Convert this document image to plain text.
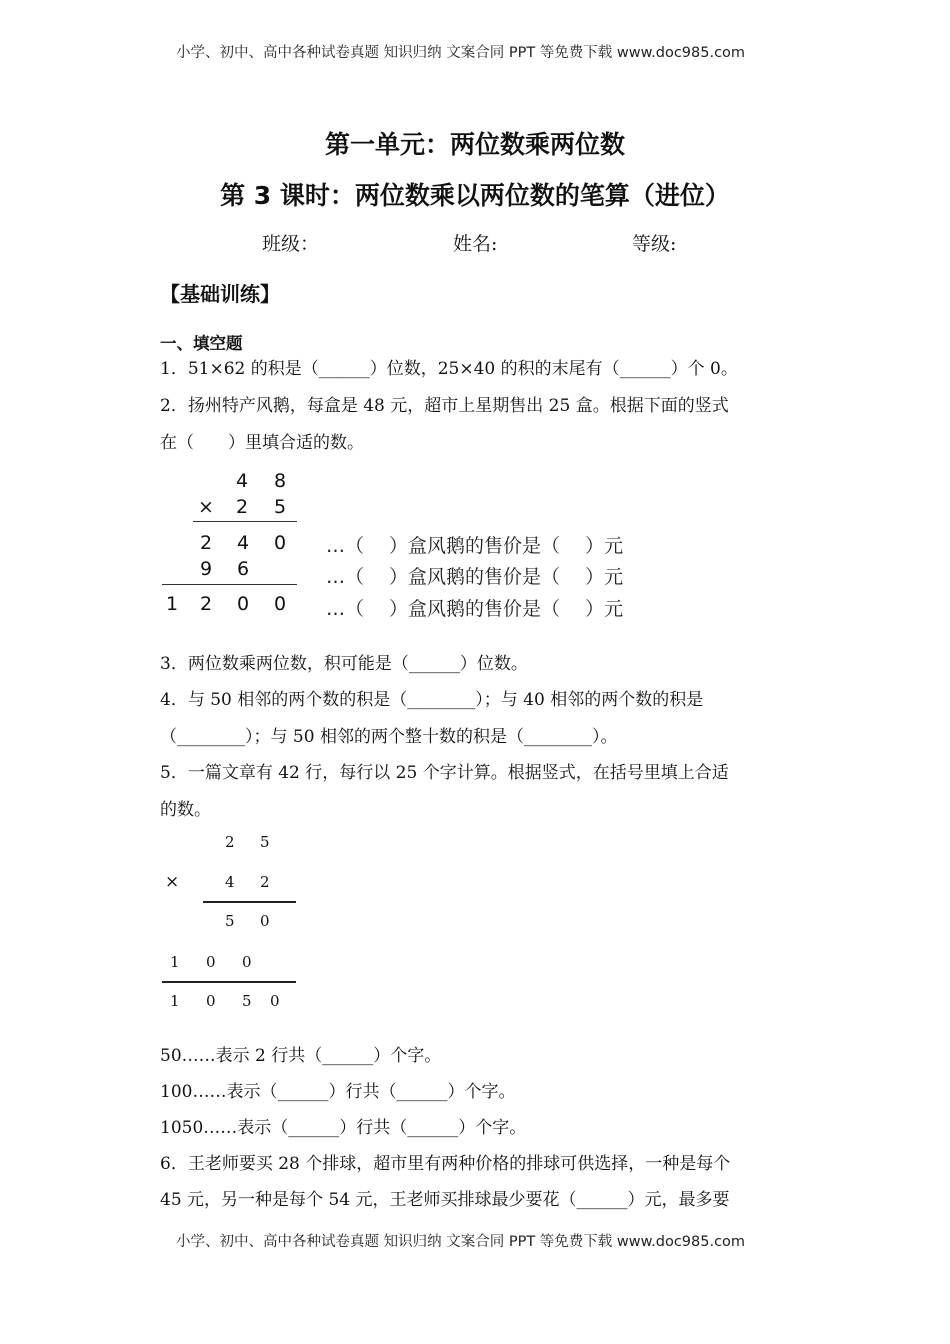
小学、初中、高中各种试卷真题 知识归纳 文案合同 PPT 等免费下载 www.doc985.com
第一单元：两位数乘两位数
第 3 课时：两位数乘以两位数的笔算（进位）
班级：	姓名:	等级:
【基础训练】
一、填空题
1．51×62 的积是（______）位数，25×40 的积的末尾有（______）个 0。
2．扬州特产风鹅，每盒是 48 元，超市上星期售出 25 盒。根据下面的竖式
在（　　）里填合适的数。
4 8
× 2 5
2 4 0
9 6
1 2 0 0
…（　 ）盒风鹅的售价是（　 ）元
…（　 ）盒风鹅的售价是（　 ）元
…（　 ）盒风鹅的售价是（　 ）元
3．两位数乘两位数，积可能是（______）位数。
4．与 50 相邻的两个数的积是（________）；与 40 相邻的两个数的积是
（________）；与 50 相邻的两个整十数的积是（________）。
5．一篇文章有 42 行，每行以 25 个字计算。根据竖式，在括号里填上合适
的数。
2 5
×	4 2
5 0
1 0 0
1 0 5 0
50……表示 2 行共（______）个字。
100……表示（______）行共（______）个字。
1050……表示（______）行共（______）个字。
6．王老师要买 28 个排球，超市里有两种价格的排球可供选择，一种是每个
45 元，另一种是每个 54 元，王老师买排球最少要花（______）元，最多要
小学、初中、高中各种试卷真题 知识归纳 文案合同 PPT 等免费下载 www.doc985.com
